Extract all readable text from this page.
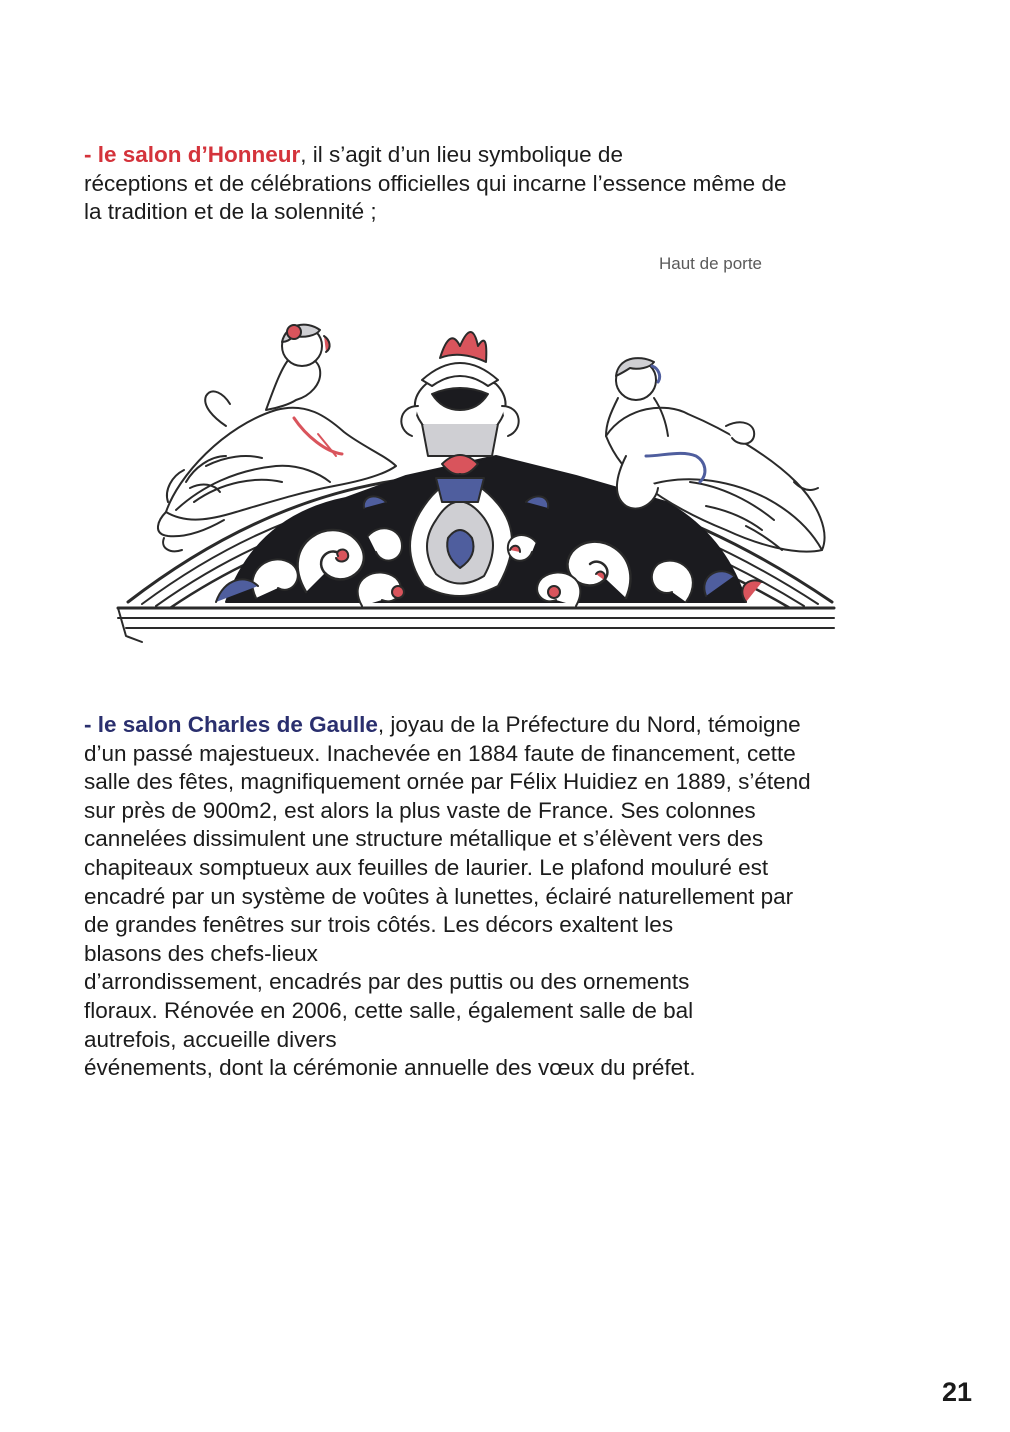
- le salon d’Honneur, il s’agit d’un lieu symbolique de
réceptions et de célébrations officielles qui incarne l’essence même de
la tradition et de la solennité ;
Haut de porte
- le salon Charles de Gaulle, joyau de la Préfecture du Nord, témoigne
d’un passé majestueux. Inachevée en 1884 faute de financement, cette
salle des fêtes, magnifiquement ornée par Félix Huidiez en 1889, s’étend
sur près de 900m2, est alors la plus vaste de France. Ses colonnes
cannelées dissimulent une structure métallique et s’élèvent vers des
chapiteaux somptueux aux feuilles de laurier. Le plafond mouluré est
encadré par un système de voûtes à lunettes, éclairé naturellement par
de grandes fenêtres sur trois côtés. Les décors exaltent les
blasons des chefs-lieux
d’arrondissement, encadrés par des puttis ou des ornements
floraux. Rénovée en 2006, cette salle, également salle de bal
autrefois, accueille divers
événements, dont la cérémonie annuelle des vœux du préfet.
21
